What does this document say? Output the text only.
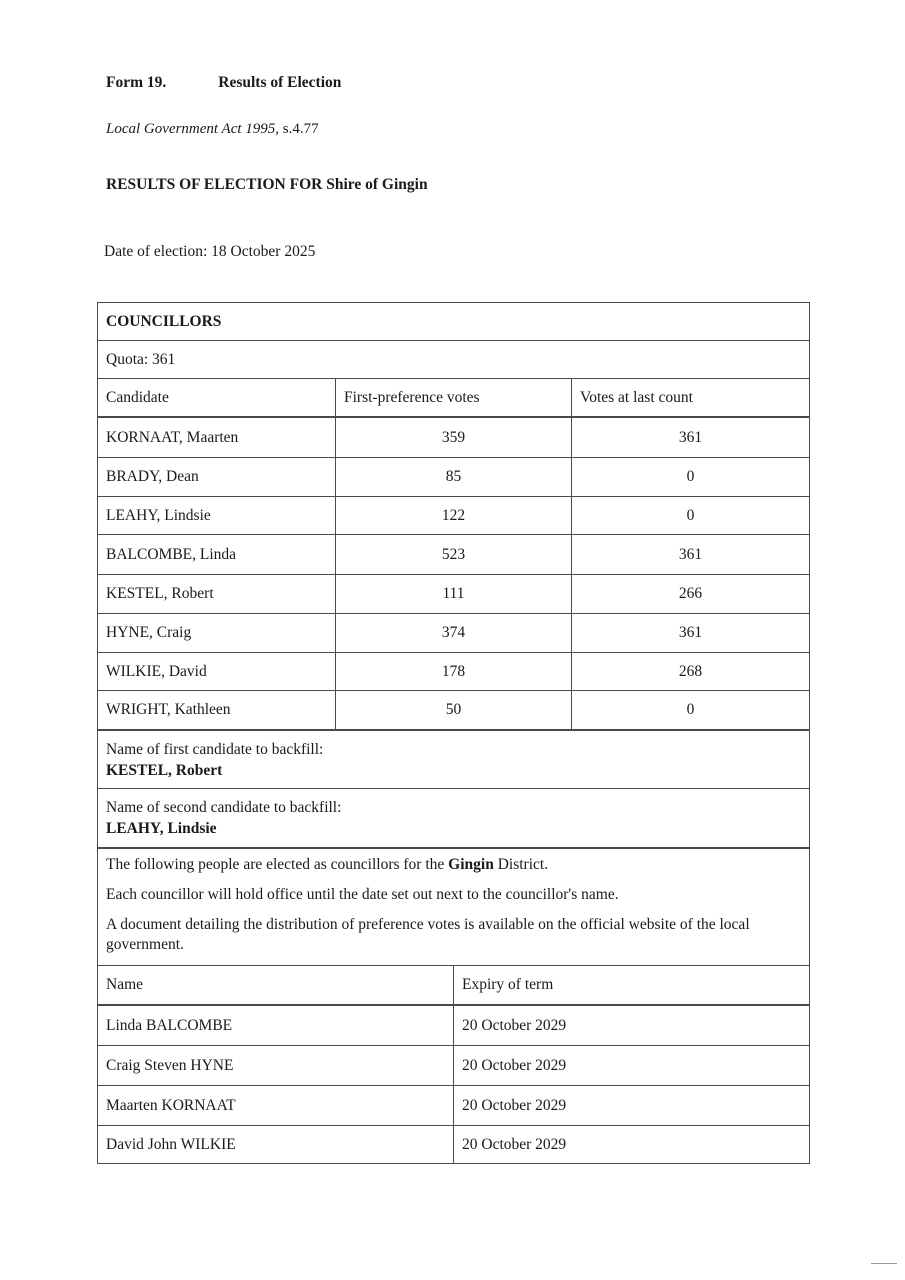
Form 19.	Results of Election
Local Government Act 1995, s.4.77
RESULTS OF ELECTION FOR Shire of Gingin
Date of election: 18 October 2025
COUNCILLORS
Quota: 361
Candidate	First-preference votes	Votes at last count
KORNAAT, Maarten	359	361
BRADY, Dean	85	0
LEAHY, Lindsie	122	0
BALCOMBE, Linda	523	361
KESTEL, Robert	111	266
HYNE, Craig	374	361
WILKIE, David	178	268
WRIGHT, Kathleen	50	0
Name of first candidate to backfill:
KESTEL, Robert
Name of second candidate to backfill:
LEAHY, Lindsie

The following people are elected as councillors for the Gingin District.

Each councillor will hold office until the date set out next to the councillor's name.

A document detailing the distribution of preference votes is available on the official website of the local government.

Name	Expiry of term
Linda BALCOMBE	20 October 2029
Craig Steven HYNE	20 October 2029
Maarten KORNAAT	20 October 2029
David John WILKIE	20 October 2029
